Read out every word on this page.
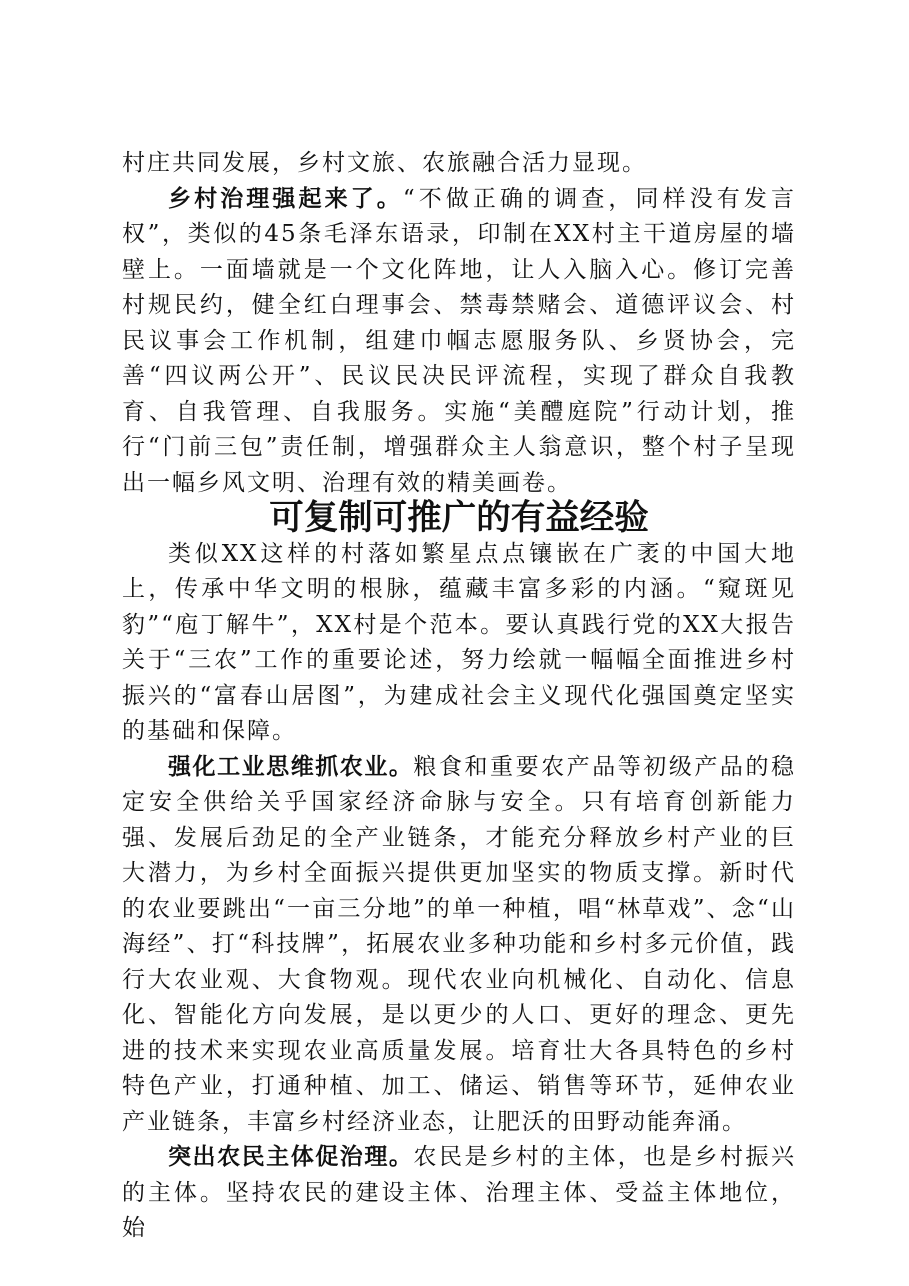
村庄共同发展，乡村文旅、农旅融合活力显现。

乡村治理强起来了。“不做正确的调查，同样没有发言权”，类似的45条毛泽东语录，印制在XX村主干道房屋的墙壁上。一面墙就是一个文化阵地，让人入脑入心。修订完善村规民约，健全红白理事会、禁毒禁赌会、道德评议会、村民议事会工作机制，组建巾帼志愿服务队、乡贤协会，完善“四议两公开”、民议民决民评流程，实现了群众自我教育、自我管理、自我服务。实施“美醴庭院”行动计划，推行“门前三包”责任制，增强群众主人翁意识，整个村子呈现出一幅乡风文明、治理有效的精美画卷。

可复制可推广的有益经验

类似XX这样的村落如繁星点点镶嵌在广袤的中国大地上，传承中华文明的根脉，蕴藏丰富多彩的内涵。“窥斑见豹”“庖丁解牛”，XX村是个范本。要认真践行党的XX大报告关于“三农”工作的重要论述，努力绘就一幅幅全面推进乡村振兴的“富春山居图”，为建成社会主义现代化强国奠定坚实的基础和保障。

强化工业思维抓农业。粮食和重要农产品等初级产品的稳定安全供给关乎国家经济命脉与安全。只有培育创新能力强、发展后劲足的全产业链条，才能充分释放乡村产业的巨大潜力，为乡村全面振兴提供更加坚实的物质支撑。新时代的农业要跳出“一亩三分地”的单一种植，唱“林草戏”、念“山海经”、打“科技牌”，拓展农业多种功能和乡村多元价值，践行大农业观、大食物观。现代农业向机械化、自动化、信息化、智能化方向发展，是以更少的人口、更好的理念、更先进的技术来实现农业高质量发展。培育壮大各具特色的乡村特色产业，打通种植、加工、储运、销售等环节，延伸农业产业链条，丰富乡村经济业态，让肥沃的田野动能奔涌。

突出农民主体促治理。农民是乡村的主体，也是乡村振兴的主体。坚持农民的建设主体、治理主体、受益主体地位，始
